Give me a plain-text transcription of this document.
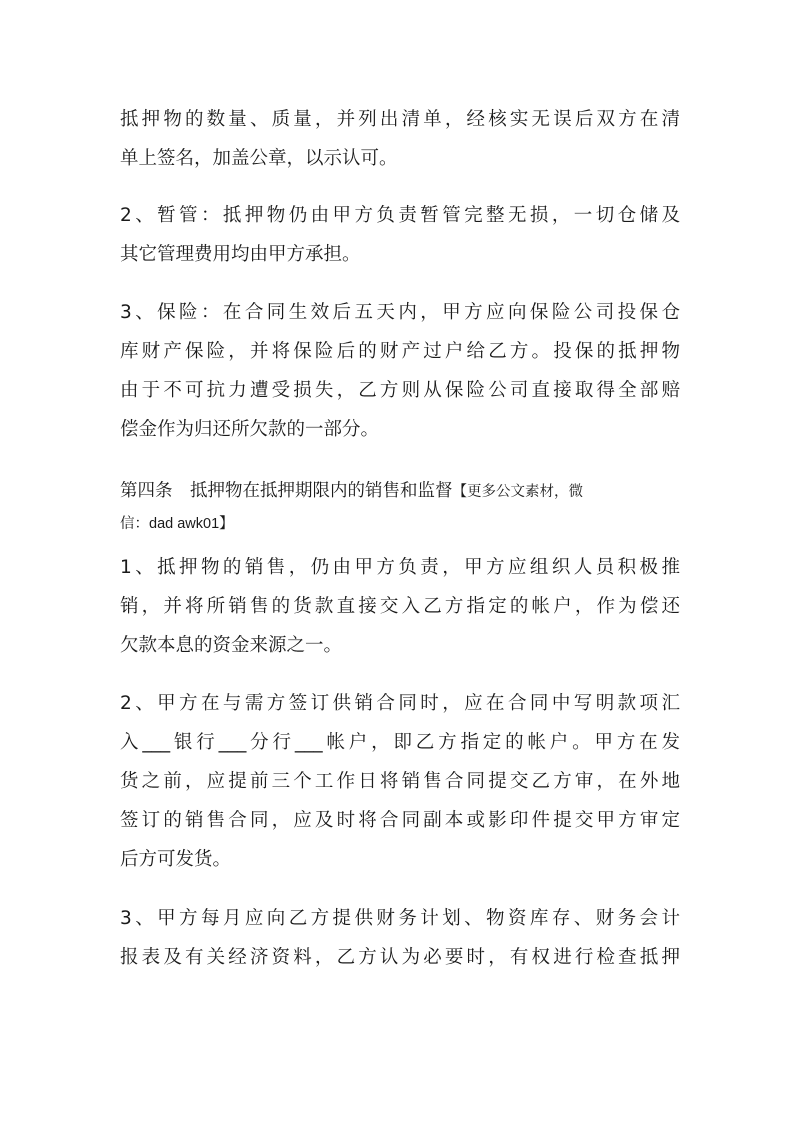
抵押物的数量、质量，并列出清单，经核实无误后双方在清
单上签名，加盖公章，以示认可。
2、暂管：抵押物仍由甲方负责暂管完整无损，一切仓储及
其它管理费用均由甲方承担。
3、保险：在合同生效后五天内，甲方应向保险公司投保仓
库财产保险，并将保险后的财产过户给乙方。投保的抵押物
由于不可抗力遭受损失，乙方则从保险公司直接取得全部赔
偿金作为归还所欠款的一部分。
第四条　抵押物在抵押期限内的销售和监督【更多公文素材，微
信：dad awk01】
1、抵押物的销售，仍由甲方负责，甲方应组织人员积极推
销，并将所销售的货款直接交入乙方指定的帐户，作为偿还
欠款本息的资金来源之一。
2、甲方在与需方签订供销合同时，应在合同中写明款项汇
入___银行___分行___帐户，即乙方指定的帐户。甲方在发
货之前，应提前三个工作日将销售合同提交乙方审，在外地
签订的销售合同，应及时将合同副本或影印件提交甲方审定
后方可发货。
3、甲方每月应向乙方提供财务计划、物资库存、财务会计
报表及有关经济资料，乙方认为必要时，有权进行检查抵押
